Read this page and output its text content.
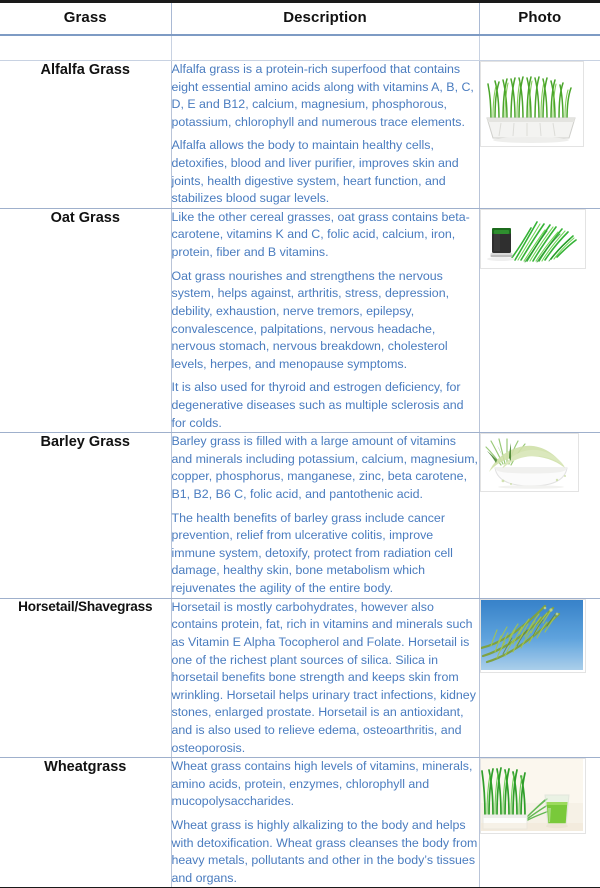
Grass	Description	Photo

Alfalfa Grass	Alfalfa grass is a protein-rich superfood that contains eight essential amino acids along with vitamins A, B, C, D, E and B12, calcium, magnesium, phosphorous, potassium, chlorophyll and numerous trace elements.

Alfalfa allows the body to maintain healthy cells, detoxifies, blood and liver purifier, improves skin and joints, health digestive system, heart function, and stabilizes blood sugar levels.

Oat Grass	Like the other cereal grasses, oat grass contains beta-carotene, vitamins K and C, folic acid, calcium, iron, protein, fiber and B vitamins.

Oat grass nourishes and strengthens the nervous system, helps against, arthritis, stress, depression, debility, exhaustion, nerve tremors, epilepsy, convalescence, palpitations, nervous headache, nervous stomach, nervous breakdown, cholesterol levels, herpes, and menopause symptoms.

It is also used for thyroid and estrogen deficiency, for degenerative diseases such as multiple sclerosis and for colds.

Barley Grass	Barley grass is filled with a large amount of vitamins and minerals including potassium, calcium, magnesium, copper, phosphorus, manganese, zinc, beta carotene, B1, B2, B6 C, folic acid, and pantothenic acid.

The health benefits of barley grass include cancer prevention, relief from ulcerative colitis, improve immune system, detoxify, protect from radiation cell damage, healthy skin, bone metabolism which rejuvenates the agility of the entire body.

Horsetail/Shavegrass	Horsetail is mostly carbohydrates, however also contains protein, fat, rich in vitamins and minerals such as Vitamin E Alpha Tocopherol and Folate. Horsetail is one of the richest plant sources of silica. Silica in horsetail benefits bone strength and keeps skin from wrinkling. Horsetail helps urinary tract infections, kidney stones, enlarged prostate. Horsetail is an antioxidant, and is also used to relieve edema, osteoarthritis, and osteoporosis.

Wheatgrass	Wheat grass contains high levels of vitamins, minerals, amino acids, protein, enzymes, chlorophyll and mucopolysaccharides.

Wheat grass is highly alkalizing to the body and helps with detoxification. Wheat grass cleanses the body from heavy metals, pollutants and other in the body’s tissues and organs.
